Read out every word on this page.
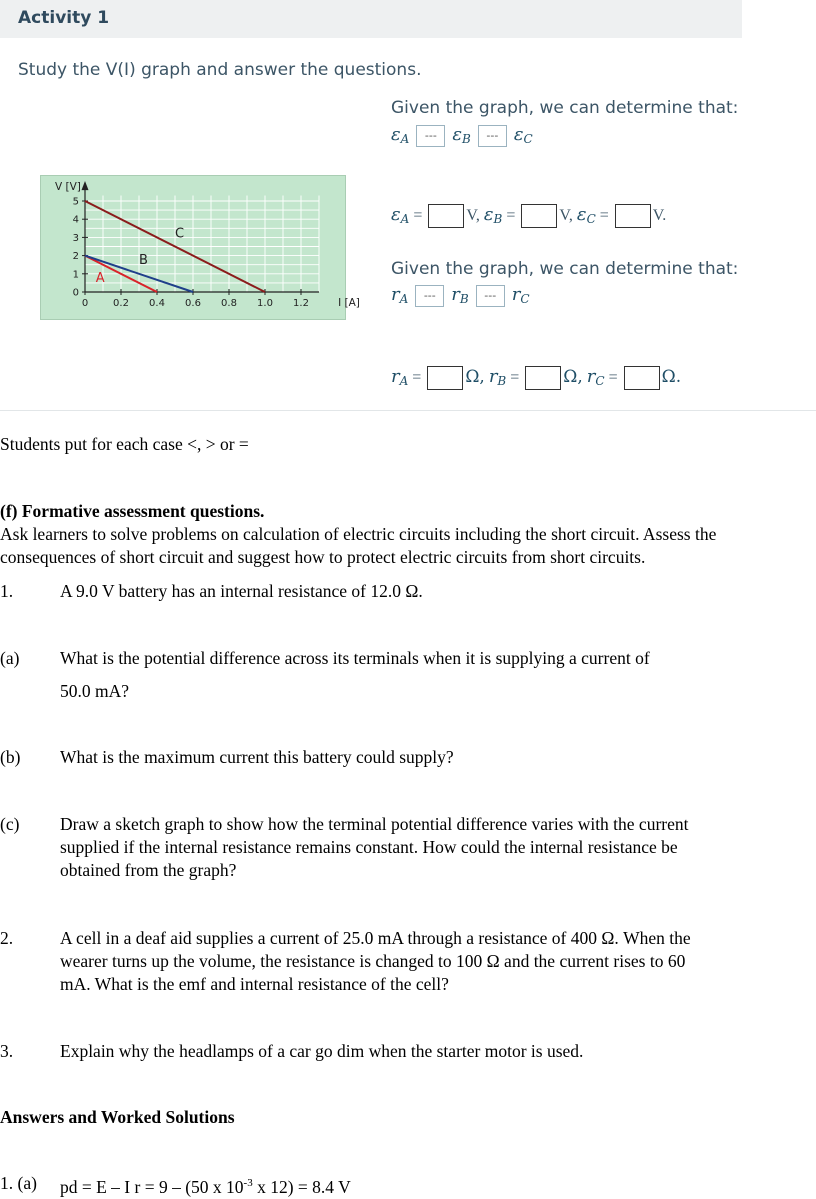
Activity 1
Study the V(I) graph and answer the questions.
0 0.2 0.4 0.6 0.8 1.0 1.2
0
1
2
3
4
5
I [A]
V [V]
A
B
C
Given the graph, we can determine that:
$\varepsilon_A$ --- $\varepsilon_B$ --- $\varepsilon_C$
$\varepsilon_A$ =	V, $\varepsilon_B$ =	V, $\varepsilon_C$ =	V.
Given the graph, we can determine that:
$r_A$ --- $r_B$ --- $r_C$
$r_A$ =	Ω, $r_B$ =	Ω, $r_C$ =	Ω.
Students put for each case <, > or =
(f) Formative assessment questions.
Ask learners to solve problems on calculation of electric circuits including the short circuit. Assess the
consequences of short circuit and suggest how to protect electric circuits from short circuits.
1.	A 9.0 V battery has an internal resistance of 12.0 Ω.
(a) What is the potential difference across its terminals when it is supplying a current of
50.0 mA?
(b) What is the maximum current this battery could supply?
(c) Draw a sketch graph to show how the terminal potential difference varies with the current
supplied if the internal resistance remains constant. How could the internal resistance be
obtained from the graph?
2.	A cell in a deaf aid supplies a current of 25.0 mA through a resistance of 400 Ω. When the
wearer turns up the volume, the resistance is changed to 100 Ω and the current rises to 60
mA. What is the emf and internal resistance of the cell?
3.	Explain why the headlamps of a car go dim when the starter motor is used.
Answers and Worked Solutions
1. (a) pd = E – I r = 9 – (50 x $10^{-3}$ x 12) = 8.4 V
